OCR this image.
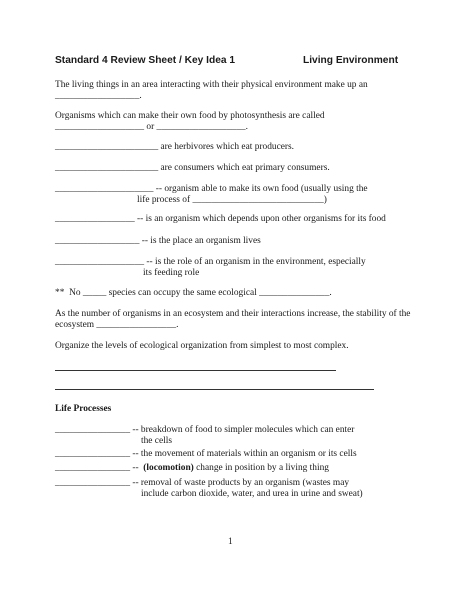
Standard 4 Review Sheet / Key Idea 1	Living Environment
The living things in an area interacting with their physical environment make up an
__________________.
Organisms which can make their own food by photosynthesis are called
___________________ or ___________________.
______________________ are herbivores which eat producers.
______________________ are consumers which eat primary consumers.
_____________________ -- organism able to make its own food (usually using the
life process of ____________________________)
_________________ -- is an organism which depends upon other organisms for its food
__________________ -- is the place an organism lives
___________________ -- is the role of an organism in the environment, especially
its feeding role
**  No _____ species can occupy the same ecological _______________.
As the number of organisms in an ecosystem and their interactions increase, the stability of the
ecosystem _________________.
Organize the levels of ecological organization from simplest to most complex.
Life Processes
________________ -- breakdown of food to simpler molecules which can enter
the cells
________________ -- the movement of materials within an organism or its cells
________________ --  (locomotion) change in position by a living thing
________________ -- removal of waste products by an organism (wastes may
include carbon dioxide, water, and urea in urine and sweat)
1
